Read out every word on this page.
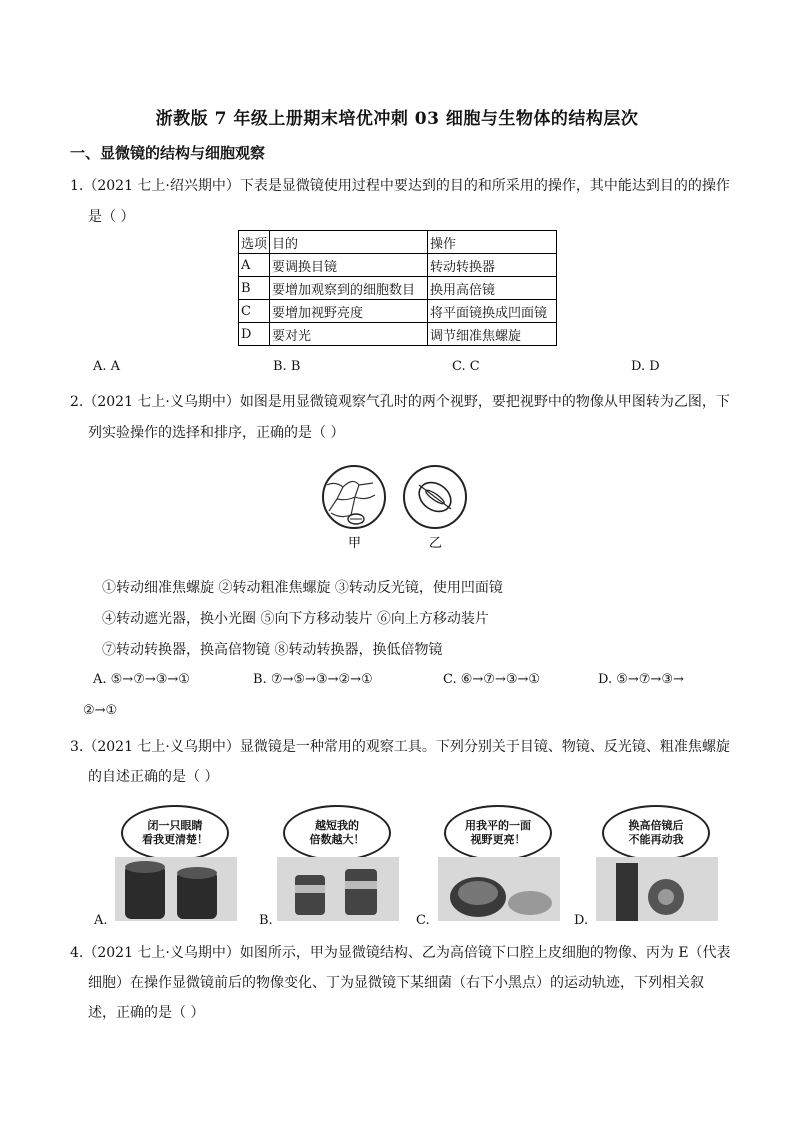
浙教版 7 年级上册期末培优冲刺 03 细胞与生物体的结构层次
一、显微镜的结构与细胞观察
1.（2021 七上·绍兴期中）下表是显微镜使用过程中要达到的目的和所采用的操作，其中能达到目的的操作
是（ ）
选项	目的	操作
A	要调换目镜	转动转换器
B	要增加观察到的细胞数目	换用高倍镜
C	要增加视野亮度	将平面镜换成凹面镜
D	要对光	调节细准焦螺旋
A. A	B. B	C. C	D. D
2.（2021 七上·义乌期中）如图是用显微镜观察气孔时的两个视野，要把视野中的物像从甲图转为乙图，下
列实验操作的选择和排序，正确的是（ ）
甲	乙
①转动细准焦螺旋 ②转动粗准焦螺旋 ③转动反光镜，使用凹面镜
④转动遮光器，换小光圈 ⑤向下方移动装片 ⑥向上方移动装片
⑦转动转换器，换高倍物镜 ⑧转动转换器，换低倍物镜
A. ⑤→⑦→③→①	B. ⑦→⑤→③→②→①	C. ⑥→⑦→③→①	D. ⑤→⑦→③→
②→①
3.（2021 七上·义乌期中）显微镜是一种常用的观察工具。下列分别关于目镜、物镜、反光镜、粗准焦螺旋
的自述正确的是（ ）
闭一只眼睛
看我更清楚！
越短我的
倍数越大！
用我平的一面
视野更亮！
换高倍镜后
不能再动我
A.	B.	C.	D.
4.（2021 七上·义乌期中）如图所示，甲为显微镜结构、乙为高倍镜下口腔上皮细胞的物像、丙为 E（代表
细胞）在操作显微镜前后的物像变化、丁为显微镜下某细菌（右下小黑点）的运动轨迹，下列相关叙
述，正确的是（ ）
